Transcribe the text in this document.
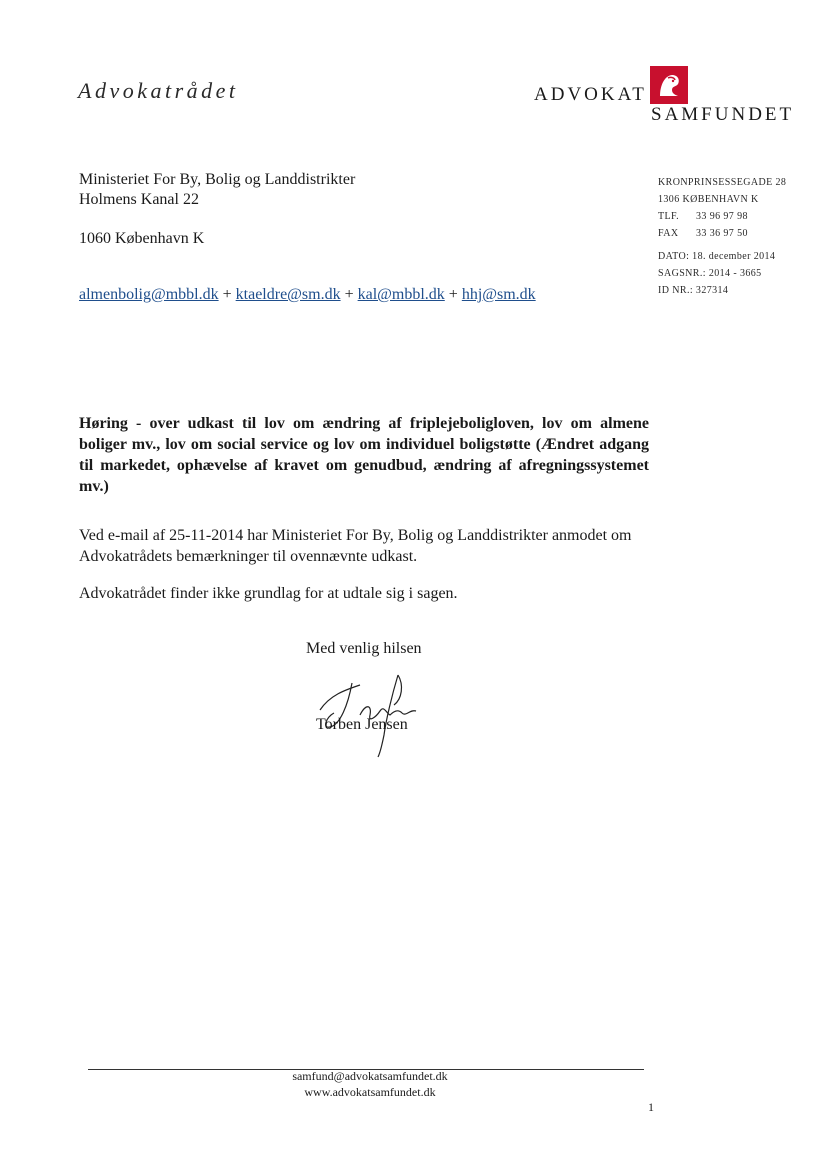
Advokatrådet	ADVOKAT
SAMFUNDET
Ministeriet For By, Bolig og Landdistrikter
Holmens Kanal 22
1060 København K
almenbolig@mbbl.dk + ktaeldre@sm.dk + kal@mbbl.dk + hhj@sm.dk
KRONPRINSESSEGADE 28
1306 KØBENHAVN K
TLF. 33 96 97 98
FAX 33 36 97 50
DATO: 18. december 2014
SAGSNR.: 2014 - 3665
ID NR.: 327314
Høring - over udkast til lov om ændring af friplejeboligloven, lov om almene boliger mv., lov om social service og lov om individuel boligstøtte (Ændret adgang til markedet, ophævelse af kravet om genudbud, ændring af afregningssystemet mv.)
Ved e-mail af 25-11-2014 har Ministeriet For By, Bolig og Landdistrikter anmodet om Advokatrådets bemærkninger til ovennævnte udkast.
Advokatrådet finder ikke grundlag for at udtale sig i sagen.
Med venlig hilsen
Torben Jensen
samfund@advokatsamfundet.dk
www.advokatsamfundet.dk
1
